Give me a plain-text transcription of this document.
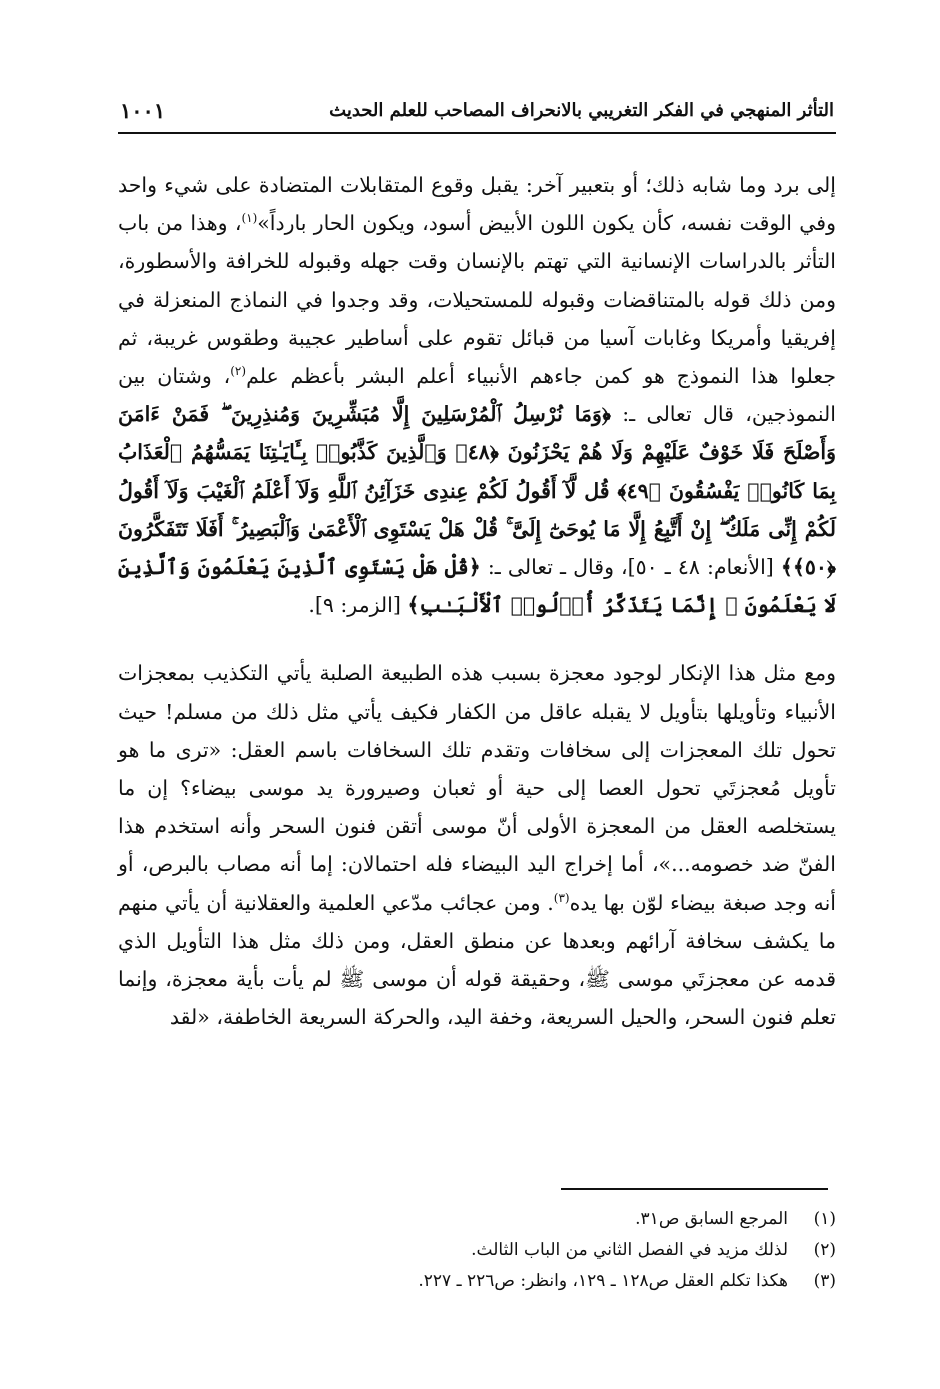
التأثر المنهجي في الفكر التغريبي بالانحراف المصاحب للعلم الحديث
١٠٠١

إلى برد وما شابه ذلك؛ أو بتعبير آخر: يقبل وقوع المتقابلات المتضادة على شيء واحد وفي الوقت نفسه، كأن يكون اللون الأبيض أسود، ويكون الحار بارداً»$^{(١)}$، وهذا من باب التأثر بالدراسات الإنسانية التي تهتم بالإنسان وقت جهله وقبوله للخرافة والأسطورة، ومن ذلك قوله بالمتناقضات وقبوله للمستحيلات، وقد وجدوا في النماذج المنعزلة في إفريقيا وأمريكا وغابات آسيا من قبائل تقوم على أساطير عجيبة وطقوس غريبة، ثم جعلوا هذا النموذج هو كمن جاءهم الأنبياء أعلم البشر بأعظم علم$^{(٢)}$، وشتان بين النموذجين، قال تعالى ـ: ﴿وَمَا نُرْسِلُ ٱلْمُرْسَلِينَ إِلَّا مُبَشِّرِينَ وَمُنذِرِينَ ۖ فَمَنْ ءَامَنَ وَأَصْلَحَ فَلَا خَوْفٌ عَلَيْهِمْ وَلَا هُمْ يَحْزَنُونَ ﴿٤٨﴾ وَٱلَّذِينَ كَذَّبُوا۟ بِـَٔايَـٰتِنَا يَمَسُّهُمُ ٱلْعَذَابُ بِمَا كَانُوا۟ يَفْسُقُونَ ﴿٤٩﴾ قُل لَّآ أَقُولُ لَكُمْ عِندِى خَزَآئِنُ ٱللَّهِ وَلَآ أَعْلَمُ ٱلْغَيْبَ وَلَآ أَقُولُ لَكُمْ إِنِّى مَلَكٌ ۖ إِنْ أَتَّبِعُ إِلَّا مَا يُوحَىٰٓ إِلَىَّ ۚ قُلْ هَلْ يَسْتَوِى ٱلْأَعْمَىٰ وَٱلْبَصِيرُ ۚ أَفَلَا تَتَفَكَّرُونَ ﴿٥٠﴾﴾ [الأنعام: ٤٨ ـ ٥٠]، وقال ـ تعالى ـ: ﴿قُلْ هَلْ يَسْتَوِى ٱلَّذِينَ يَعْلَمُونَ وَٱلَّذِينَ لَا يَعْلَمُونَ ۗ إِنَّمَا يَتَذَكَّرُ أُو۟لُوا۟ ٱلْأَلْبَـٰبِ﴾ [الزمر: ٩].

ومع مثل هذا الإنكار لوجود معجزة بسبب هذه الطبيعة الصلبة يأتي التكذيب بمعجزات الأنبياء وتأويلها بتأويل لا يقبله عاقل من الكفار فكيف يأتي مثل ذلك من مسلم! حيث تحول تلك المعجزات إلى سخافات وتقدم تلك السخافات باسم العقل: «ترى ما هو تأويل مُعجزتَي تحول العصا إلى حية أو ثعبان وصيرورة يد موسى بيضاء؟ إن ما يستخلصه العقل من المعجزة الأولى أنّ موسى أتقن فنون السحر وأنه استخدم هذا الفنّ ضد خصومه...»، أما إخراج اليد البيضاء فله احتمالان: إما أنه مصاب بالبرص، أو أنه وجد صبغة بيضاء لوّن بها يده$^{(٣)}$. ومن عجائب مدّعي العلمية والعقلانية أن يأتي منهم ما يكشف سخافة آرائهم وبعدها عن منطق العقل، ومن ذلك مثل هذا التأويل الذي قدمه عن معجزتَي موسى ﷺ، وحقيقة قوله أن موسى ﷺ لم يأت بأية معجزة، وإنما تعلم فنون السحر، والحيل السريعة، وخفة اليد، والحركة السريعة الخاطفة، «لقد

(١)المرجع السابق ص٣١.
(٢)لذلك مزيد في الفصل الثاني من الباب الثالث.
(٣)هكذا تكلم العقل ص١٢٨ ـ ١٢٩، وانظر: ص٢٢٦ ـ ٢٢٧.
